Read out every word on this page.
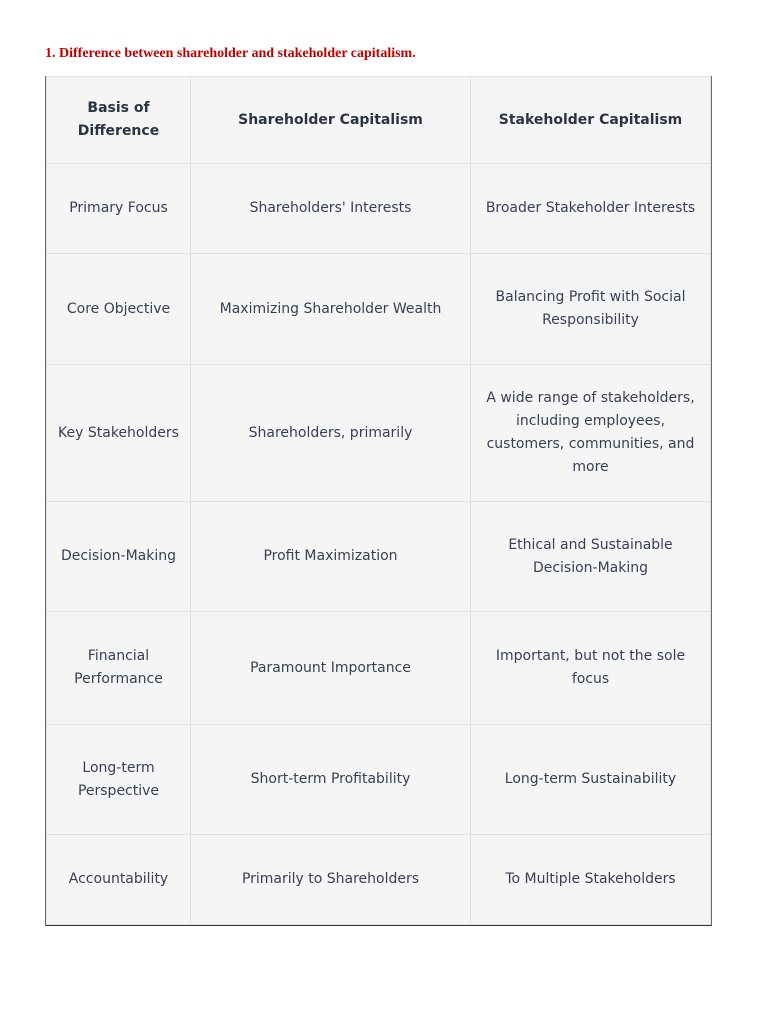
1. Difference between shareholder and stakeholder capitalism.
Basis of Difference	Shareholder Capitalism	Stakeholder Capitalism
Primary Focus	Shareholders' Interests	Broader Stakeholder Interests
Core Objective	Maximizing Shareholder Wealth	Balancing Profit with Social Responsibility
Key Stakeholders	Shareholders, primarily	A wide range of stakeholders, including employees, customers, communities, and more
Decision-Making	Profit Maximization	Ethical and Sustainable Decision-Making
Financial Performance	Paramount Importance	Important, but not the sole focus
Long-term Perspective	Short-term Profitability	Long-term Sustainability
Accountability	Primarily to Shareholders	To Multiple Stakeholders
